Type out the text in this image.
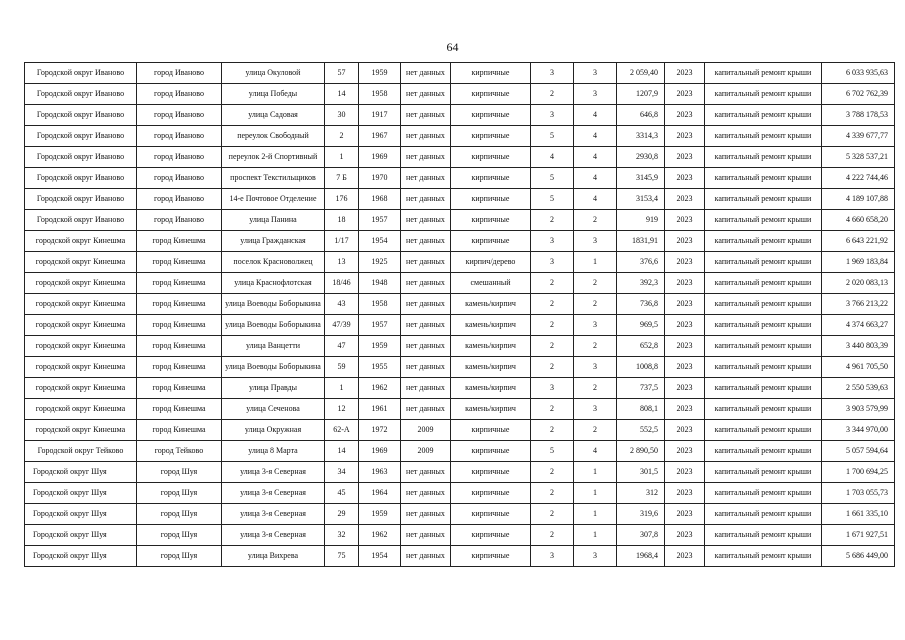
64
Городской округ Иваново	город Иваново	улица Окуловой	57	1959	нет данных	кирпичные	3	3	2 059,40	2023	капитальный ремонт крыши	6 033 935,63
Городской округ Иваново	город Иваново	улица Победы	14	1958	нет данных	кирпичные	2	3	1207,9	2023	капитальный ремонт крыши	6 702 762,39
Городской округ Иваново	город Иваново	улица Садовая	30	1917	нет данных	кирпичные	3	4	646,8	2023	капитальный ремонт крыши	3 788 178,53
Городской округ Иваново	город Иваново	переулок Свободный	2	1967	нет данных	кирпичные	5	4	3314,3	2023	капитальный ремонт крыши	4 339 677,77
Городской округ Иваново	город Иваново	переулок 2-й Спортивный	1	1969	нет данных	кирпичные	4	4	2930,8	2023	капитальный ремонт крыши	5 328 537,21
Городской округ Иваново	город Иваново	проспект Текстильщиков	7 Б	1970	нет данных	кирпичные	5	4	3145,9	2023	капитальный ремонт крыши	4 222 744,46
Городской округ Иваново	город Иваново	14-е Почтовое Отделение	176	1968	нет данных	кирпичные	5	4	3153,4	2023	капитальный ремонт крыши	4 189 107,88
Городской округ Иваново	город Иваново	улица Панина	18	1957	нет данных	кирпичные	2	2	919	2023	капитальный ремонт крыши	4 660 658,20
городской округ Кинешма	город Кинешма	улица Гражданская	1/17	1954	нет данных	кирпичные	3	3	1831,91	2023	капитальный ремонт крыши	6 643 221,92
городской округ Кинешма	город Кинешма	поселок Красноволжец	13	1925	нет данных	кирпич/дерево	3	1	376,6	2023	капитальный ремонт крыши	1 969 183,84
городской округ Кинешма	город Кинешма	улица Краснофлотская	18/46	1948	нет данных	смешанный	2	2	392,3	2023	капитальный ремонт крыши	2 020 083,13
городской округ Кинешма	город Кинешма	улица Воеводы Боборыкина	43	1958	нет данных	камень/кирпич	2	2	736,8	2023	капитальный ремонт крыши	3 766 213,22
городской округ Кинешма	город Кинешма	улица Воеводы Боборыкина	47/39	1957	нет данных	камень/кирпич	2	3	969,5	2023	капитальный ремонт крыши	4 374 663,27
городской округ Кинешма	город Кинешма	улица Ванцетти	47	1959	нет данных	камень/кирпич	2	2	652,8	2023	капитальный ремонт крыши	3 440 803,39
городской округ Кинешма	город Кинешма	улица Воеводы Боборыкина	59	1955	нет данных	камень/кирпич	2	3	1008,8	2023	капитальный ремонт крыши	4 961 705,50
городской округ Кинешма	город Кинешма	улица Правды	1	1962	нет данных	камень/кирпич	3	2	737,5	2023	капитальный ремонт крыши	2 550 539,63
городской округ Кинешма	город Кинешма	улица Сеченова	12	1961	нет данных	камень/кирпич	2	3	808,1	2023	капитальный ремонт крыши	3 903 579,99
городской округ Кинешма	город Кинешма	улица Окружная	62-А	1972	2009	кирпичные	2	2	552,5	2023	капитальный ремонт крыши	3 344 970,00
Городской округ Тейково	город Тейково	улица 8 Марта	14	1969	2009	кирпичные	5	4	2 890,50	2023	капитальный ремонт крыши	5 057 594,64
Городской округ Шуя	город Шуя	улица 3-я Северная	34	1963	нет данных	кирпичные	2	1	301,5	2023	капитальный ремонт крыши	1 700 694,25
Городской округ Шуя	город Шуя	улица 3-я Северная	45	1964	нет данных	кирпичные	2	1	312	2023	капитальный ремонт крыши	1 703 055,73
Городской округ Шуя	город Шуя	улица 3-я Северная	29	1959	нет данных	кирпичные	2	1	319,6	2023	капитальный ремонт крыши	1 661 335,10
Городской округ Шуя	город Шуя	улица 3-я Северная	32	1962	нет данных	кирпичные	2	1	307,8	2023	капитальный ремонт крыши	1 671 927,51
Городской округ Шуя	город Шуя	улица Вихрева	75	1954	нет данных	кирпичные	3	3	1968,4	2023	капитальный ремонт крыши	5 686 449,00
